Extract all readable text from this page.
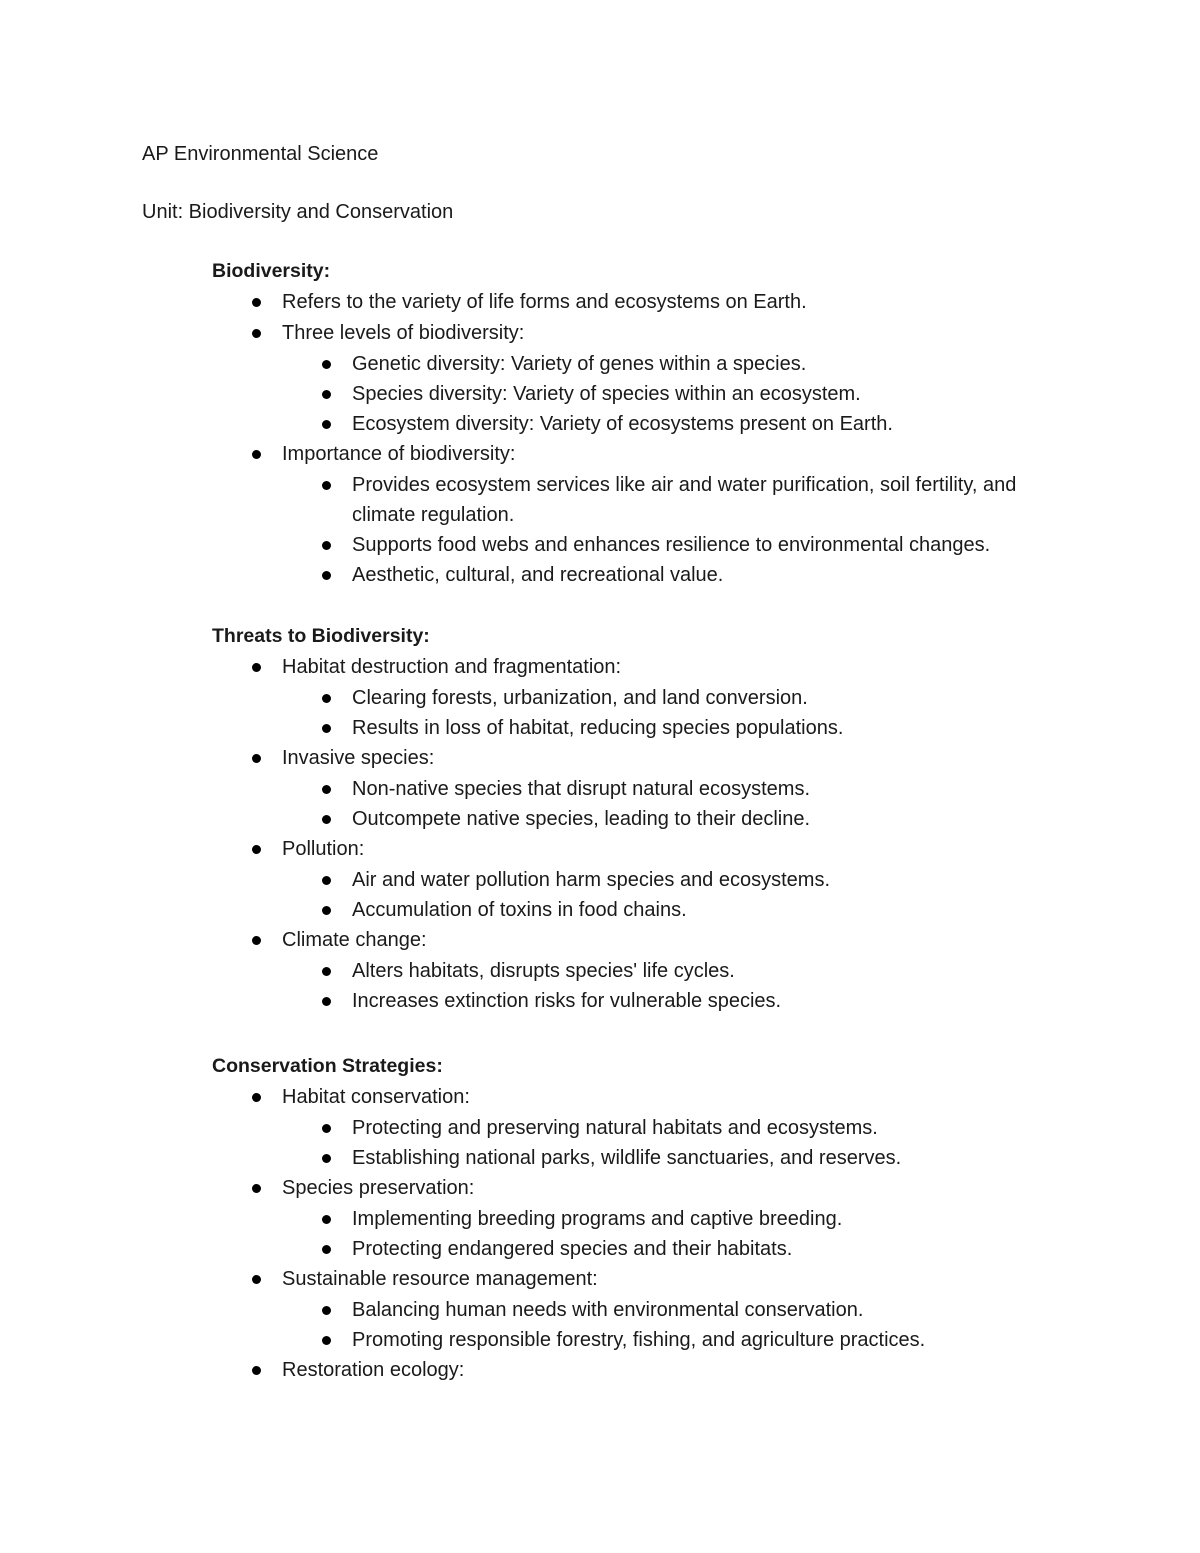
AP Environmental Science
Unit: Biodiversity and Conservation
Biodiversity:
Refers to the variety of life forms and ecosystems on Earth.
Three levels of biodiversity:
Genetic diversity: Variety of genes within a species.
Species diversity: Variety of species within an ecosystem.
Ecosystem diversity: Variety of ecosystems present on Earth.
Importance of biodiversity:
Provides ecosystem services like air and water purification, soil fertility, and climate regulation.
Supports food webs and enhances resilience to environmental changes.
Aesthetic, cultural, and recreational value.
Threats to Biodiversity:
Habitat destruction and fragmentation:
Clearing forests, urbanization, and land conversion.
Results in loss of habitat, reducing species populations.
Invasive species:
Non-native species that disrupt natural ecosystems.
Outcompete native species, leading to their decline.
Pollution:
Air and water pollution harm species and ecosystems.
Accumulation of toxins in food chains.
Climate change:
Alters habitats, disrupts species' life cycles.
Increases extinction risks for vulnerable species.
Conservation Strategies:
Habitat conservation:
Protecting and preserving natural habitats and ecosystems.
Establishing national parks, wildlife sanctuaries, and reserves.
Species preservation:
Implementing breeding programs and captive breeding.
Protecting endangered species and their habitats.
Sustainable resource management:
Balancing human needs with environmental conservation.
Promoting responsible forestry, fishing, and agriculture practices.
Restoration ecology:
